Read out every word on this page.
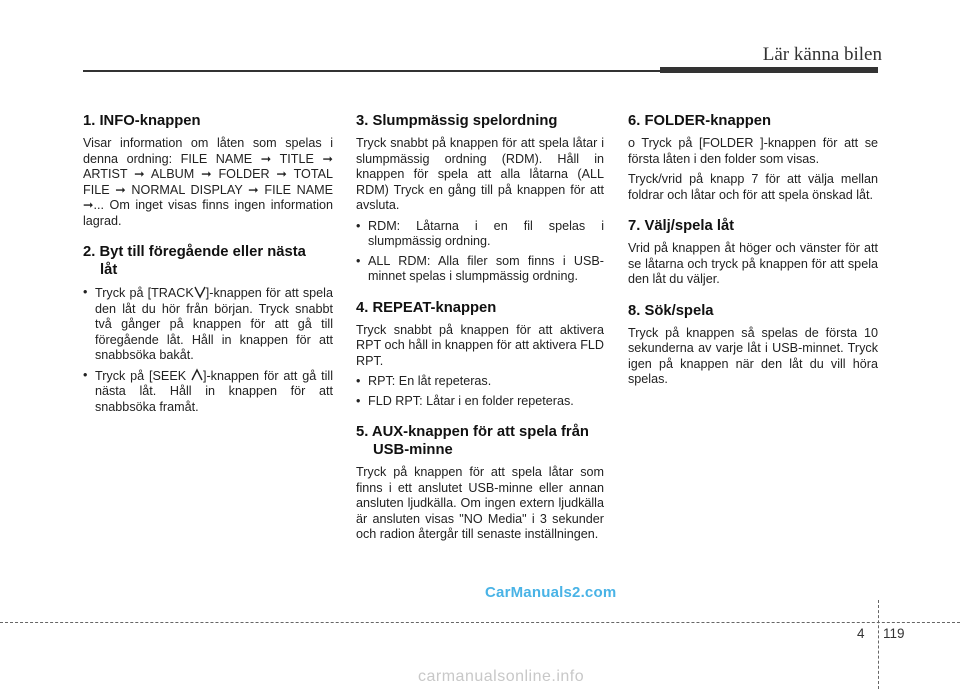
Lär känna bilen
1. INFO-knappen

Visar information om låten som spelas i denna ordning: FILE NAME ➞ TITLE ➞ ARTIST ➞ ALBUM ➞ FOLDER ➞ TOTAL FILE ➞ NORMAL DISPLAY ➞ FILE NAME ➞... Om inget visas finns ingen information lagrad.

2. Byt till föregående eller nästa
låt
• Tryck på [TRACK ]-knappen för att spela den låt du hör från början. Tryck snabbt två gånger på knappen för att gå till föregående låt. Håll in knappen för att snabbsöka bakåt.
• Tryck på [SEEK ]-knappen för att gå till nästa låt. Håll in knappen för att snabbsöka framåt.
3. Slumpmässig spelordning

Tryck snabbt på knappen för att spela låtar i slumpmässig ordning (RDM). Håll in knappen för spela att alla låtarna (ALL RDM) Tryck en gång till på knappen för att avsluta.

• RDM: Låtarna i en fil spelas i slumpmässig ordning.
• ALL RDM: Alla filer som finns i USB-minnet spelas i slumpmässig ordning.
4. REPEAT-knappen

Tryck snabbt på knappen för att aktivera RPT och håll in knappen för att aktivera FLD RPT.

• RPT: En låt repeteras.
• FLD RPT: Låtar i en folder repeteras.
5. AUX-knappen för att spela från
USB-minne

Tryck på knappen för att spela låtar som finns i ett anslutet USB-minne eller annan ansluten ljudkälla. Om ingen extern ljudkälla är ansluten visas "NO Media" i 3 sekunder och radion återgår till senaste inställningen.

6. FOLDER-knappen

o Tryck på [FOLDER ]-knappen för att se första låten i den folder som visas.

Tryck/vrid på knapp 7 för att välja mellan foldrar och låtar och för att spela önskad låt.

7. Välj/spela låt

Vrid på knappen åt höger och vänster för att se låtarna och tryck på knappen för att spela den låt du väljer.

8. Sök/spela

Tryck på knappen så spelas de första 10 sekunderna av varje låt i USB-minnet. Tryck igen på knappen när den låt du vill höra spelas.

CarManuals2.com
4 119
carmanualsonline.info
